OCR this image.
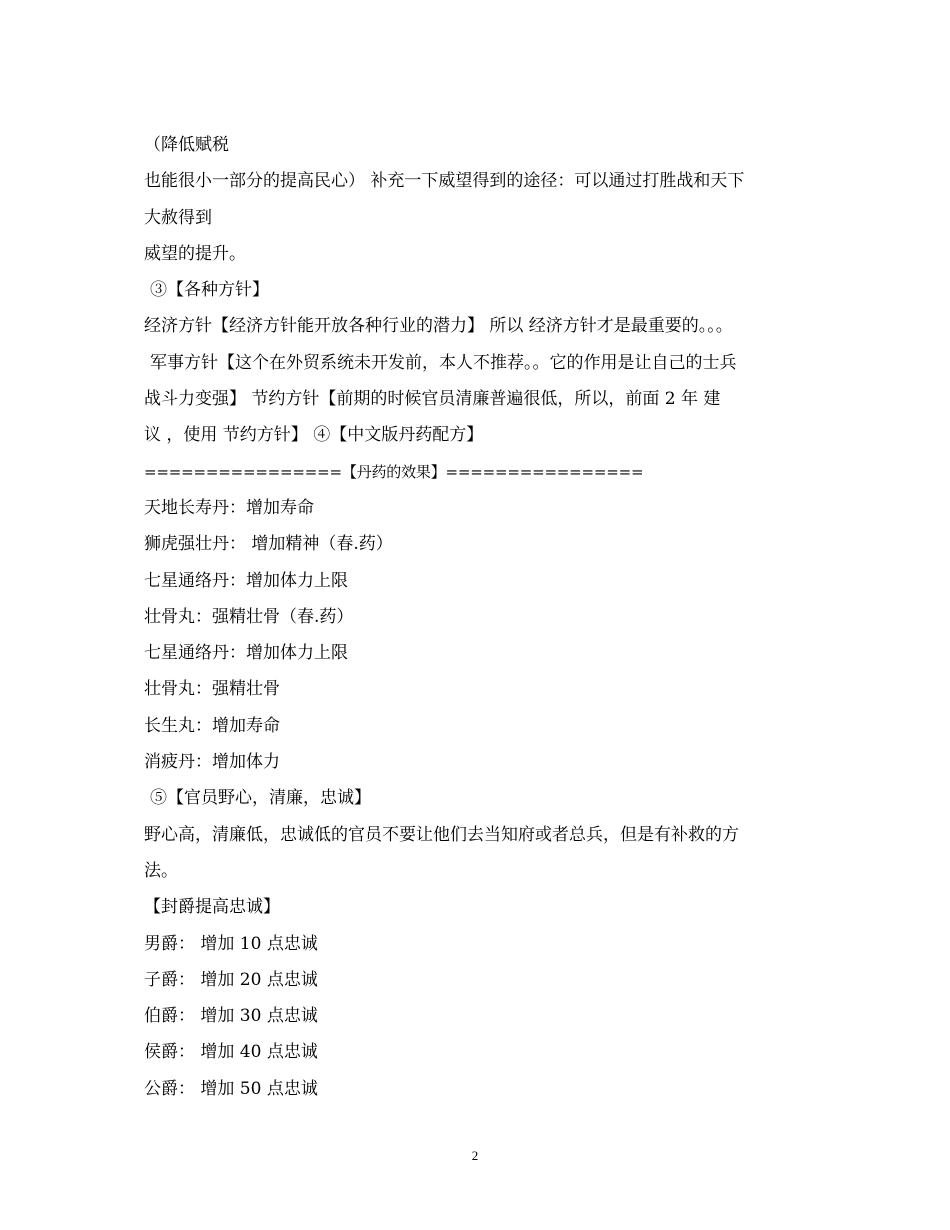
（降低赋税
也能很小一部分的提高民心） 补充一下威望得到的途径：可以通过打胜战和天下
大赦得到
威望的提升。
③【各种方针】
经济方针【经济方针能开放各种行业的潜力】 所以 经济方针才是最重要的。。。
军事方针【这个在外贸系统未开发前，本人不推荐。。它的作用是让自己的士兵
战斗力变强】 节约方针【前期的时候官员清廉普遍很低，所以，前面 2 年 建
议 ，使用 节约方针】 ④【中文版丹药配方】
================【丹药的效果】================
天地长寿丹：增加寿命
狮虎强壮丹： 增加精神（春.药）
七星通络丹：增加体力上限
壮骨丸：强精壮骨（春.药）
七星通络丹：增加体力上限
壮骨丸：强精壮骨
长生丸：增加寿命
消疲丹：增加体力
⑤【官员野心，清廉，忠诚】
野心高，清廉低，忠诚低的官员不要让他们去当知府或者总兵，但是有补救的方
法。
【封爵提高忠诚】
男爵： 增加 10 点忠诚
子爵： 增加 20 点忠诚
伯爵： 增加 30 点忠诚
侯爵： 增加 40 点忠诚
公爵： 增加 50 点忠诚
2
